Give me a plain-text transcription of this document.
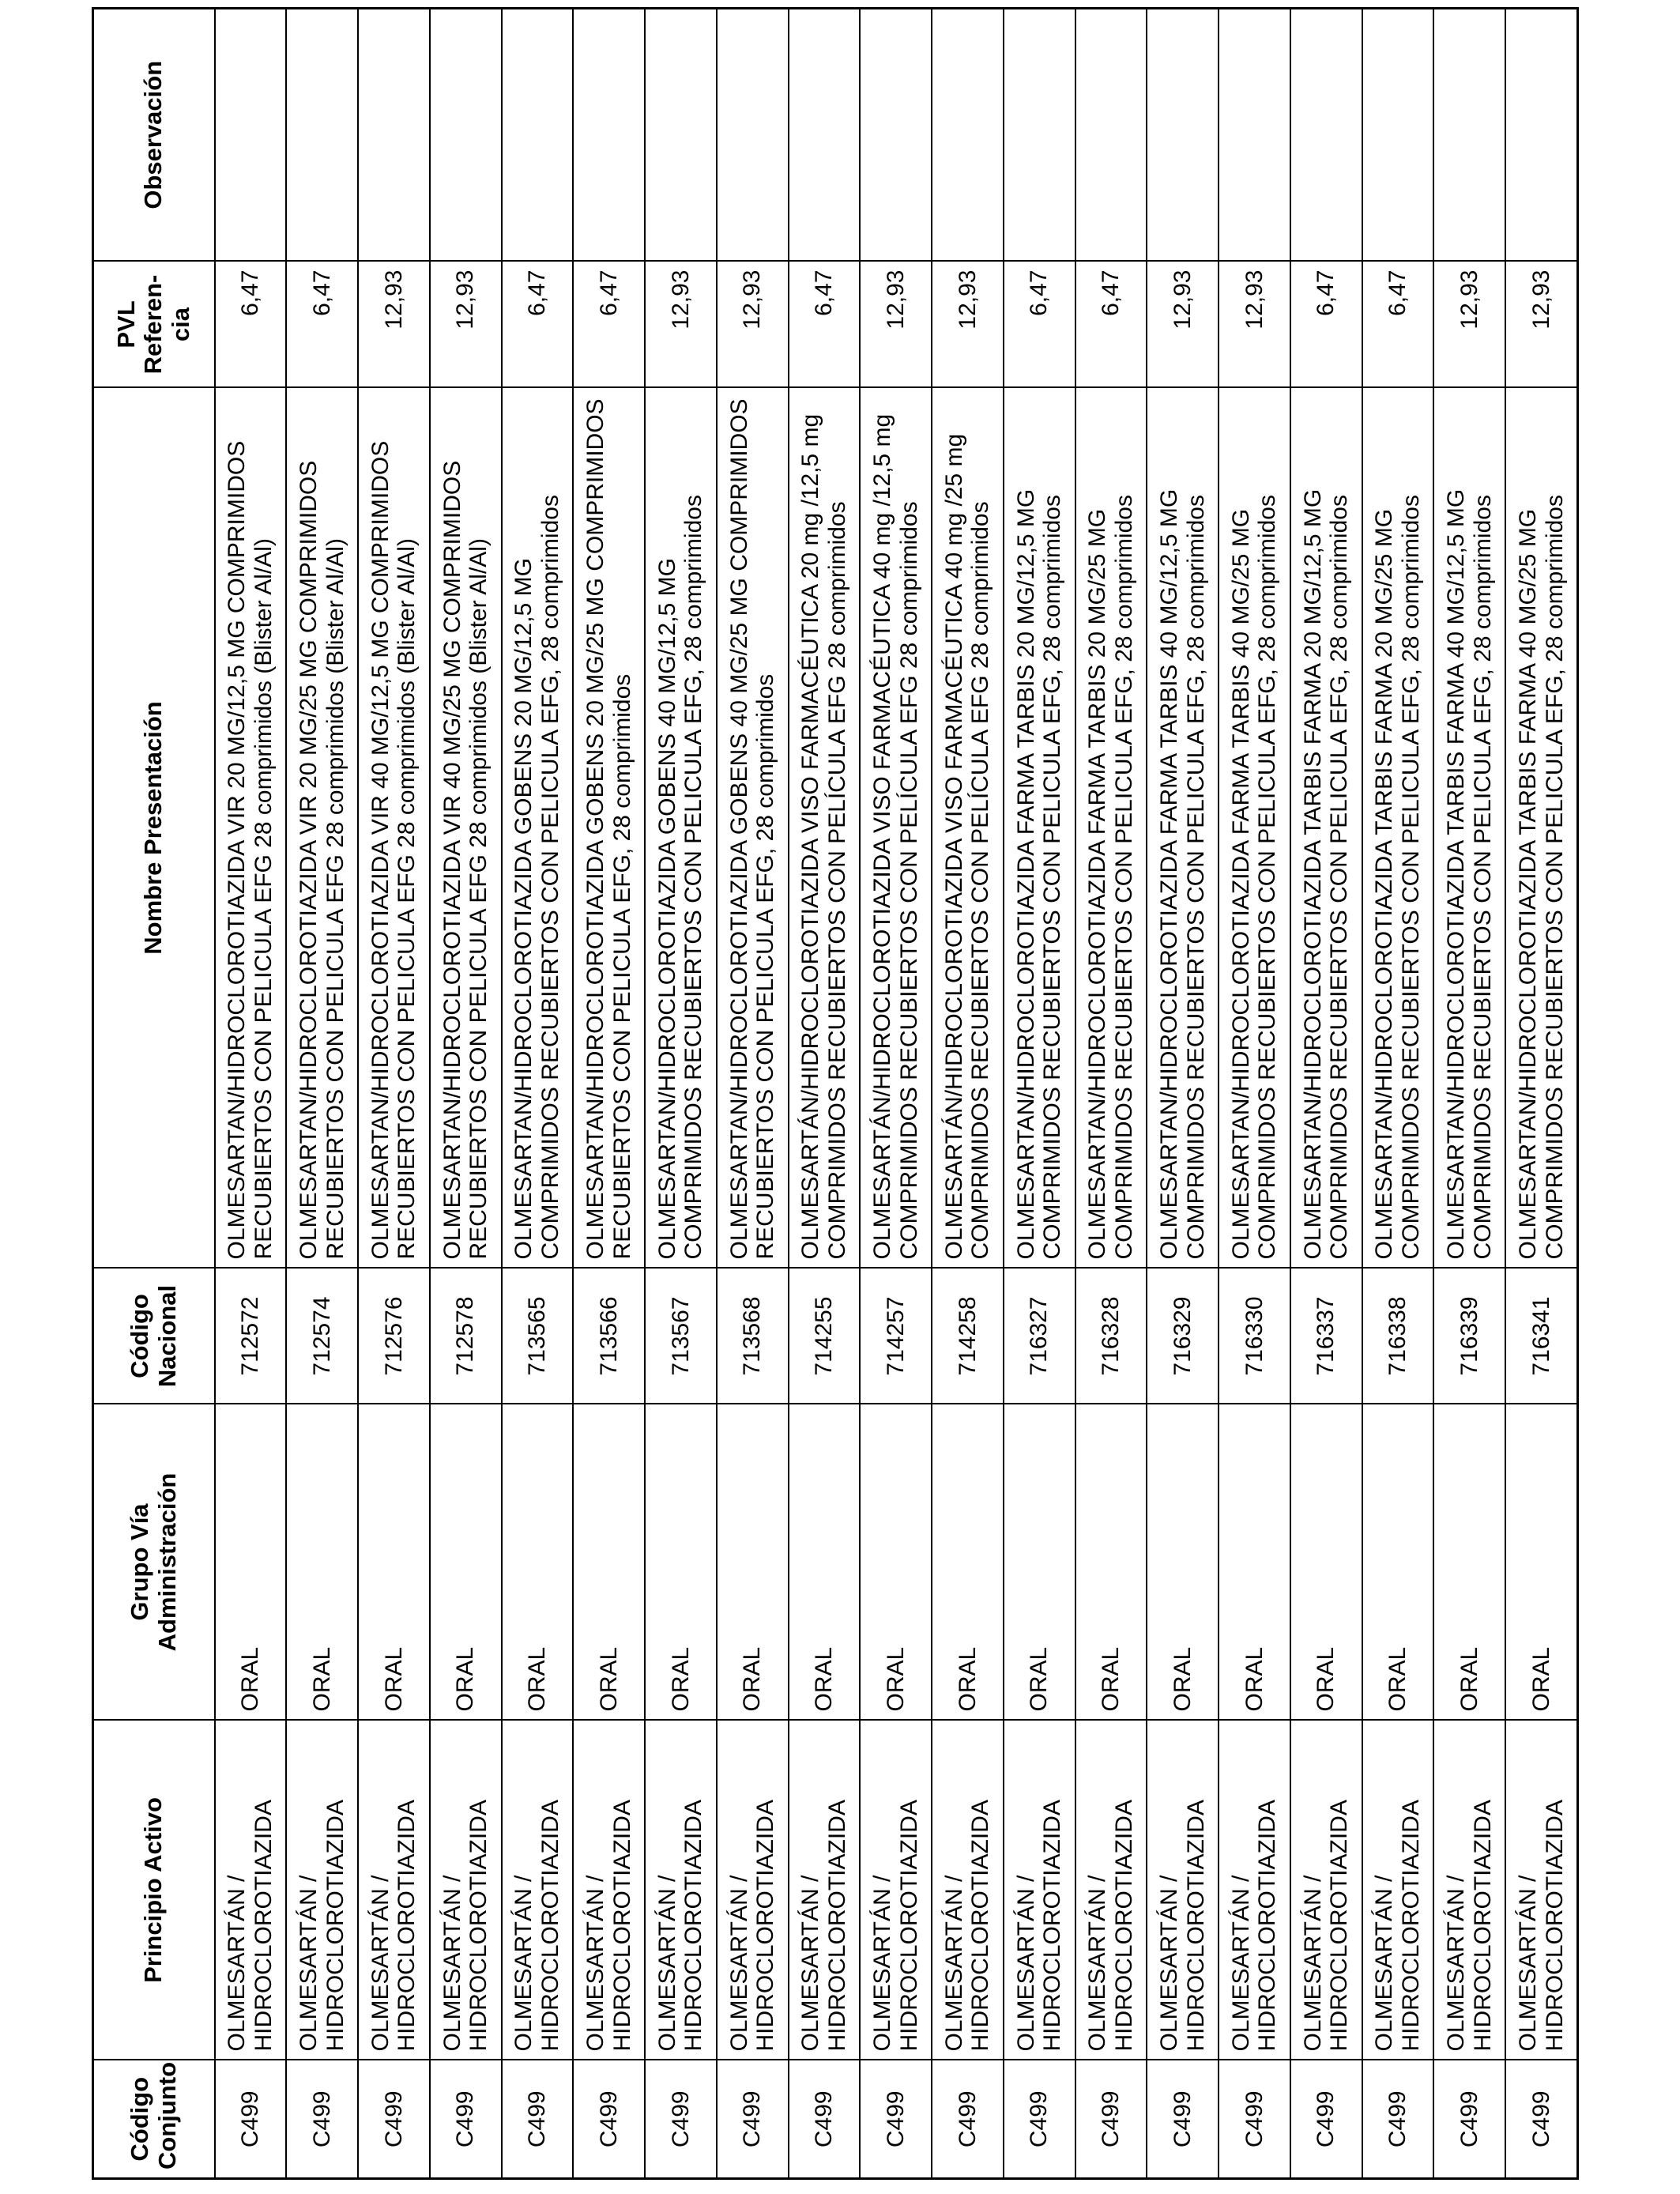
Código Conjunto	Principio Activo	Grupo Vía Administración	Código Nacional	Nombre Presentación	PVL Referen- cia	Observación
C499	OLMESARTÁN / HIDROCLOROTIAZIDA	ORAL	712572	OLMESARTAN/HIDROCLOROTIAZIDA VIR 20 MG/12,5 MG COMPRIMIDOS RECUBIERTOS CON PELICULA EFG 28 comprimidos (Blister Al/Al)	6,47	
C499	OLMESARTÁN / HIDROCLOROTIAZIDA	ORAL	712574	OLMESARTAN/HIDROCLOROTIAZIDA VIR 20 MG/25 MG COMPRIMIDOS RECUBIERTOS CON PELICULA EFG 28 comprimidos (Blister Al/Al)	6,47	
C499	OLMESARTÁN / HIDROCLOROTIAZIDA	ORAL	712576	OLMESARTAN/HIDROCLOROTIAZIDA VIR 40 MG/12,5 MG COMPRIMIDOS RECUBIERTOS CON PELICULA EFG 28 comprimidos (Blister Al/Al)	12,93	
C499	OLMESARTÁN / HIDROCLOROTIAZIDA	ORAL	712578	OLMESARTAN/HIDROCLOROTIAZIDA VIR 40 MG/25 MG COMPRIMIDOS RECUBIERTOS CON PELICULA EFG 28 comprimidos (Blister Al/Al)	12,93	
C499	OLMESARTÁN / HIDROCLOROTIAZIDA	ORAL	713565	OLMESARTAN/HIDROCLOROTIAZIDA GOBENS 20 MG/12,5 MG COMPRIMIDOS RECUBIERTOS CON PELICULA EFG, 28 comprimidos	6,47	
C499	OLMESARTÁN / HIDROCLOROTIAZIDA	ORAL	713566	OLMESARTAN/HIDROCLOROTIAZIDA GOBENS 20 MG/25 MG COMPRIMIDOS RECUBIERTOS CON PELICULA EFG, 28 comprimidos	6,47	
C499	OLMESARTÁN / HIDROCLOROTIAZIDA	ORAL	713567	OLMESARTAN/HIDROCLOROTIAZIDA GOBENS 40 MG/12,5 MG COMPRIMIDOS RECUBIERTOS CON PELICULA EFG, 28 comprimidos	12,93	
C499	OLMESARTÁN / HIDROCLOROTIAZIDA	ORAL	713568	OLMESARTAN/HIDROCLOROTIAZIDA GOBENS 40 MG/25 MG COMPRIMIDOS RECUBIERTOS CON PELICULA EFG, 28 comprimidos	12,93	
C499	OLMESARTÁN / HIDROCLOROTIAZIDA	ORAL	714255	OLMESARTÁN/HIDROCLOROTIAZIDA VISO FARMACÉUTICA 20 mg /12,5 mg COMPRIMIDOS RECUBIERTOS CON PELÍCULA EFG 28 comprimidos	6,47	
C499	OLMESARTÁN / HIDROCLOROTIAZIDA	ORAL	714257	OLMESARTÁN/HIDROCLOROTIAZIDA VISO FARMACÉUTICA 40 mg /12,5 mg COMPRIMIDOS RECUBIERTOS CON PELÍCULA EFG 28 comprimidos	12,93	
C499	OLMESARTÁN / HIDROCLOROTIAZIDA	ORAL	714258	OLMESARTÁN/HIDROCLOROTIAZIDA VISO FARMACÉUTICA 40 mg /25 mg COMPRIMIDOS RECUBIERTOS CON PELÍCULA EFG 28 comprimidos	12,93	
C499	OLMESARTÁN / HIDROCLOROTIAZIDA	ORAL	716327	OLMESARTAN/HIDROCLOROTIAZIDA FARMA TARBIS 20 MG/12,5 MG COMPRIMIDOS RECUBIERTOS CON PELICULA EFG, 28 comprimidos	6,47	
C499	OLMESARTÁN / HIDROCLOROTIAZIDA	ORAL	716328	OLMESARTAN/HIDROCLOROTIAZIDA FARMA TARBIS 20 MG/25 MG COMPRIMIDOS RECUBIERTOS CON PELICULA EFG, 28 comprimidos	6,47	
C499	OLMESARTÁN / HIDROCLOROTIAZIDA	ORAL	716329	OLMESARTAN/HIDROCLOROTIAZIDA FARMA TARBIS 40 MG/12,5 MG COMPRIMIDOS RECUBIERTOS CON PELICULA EFG, 28 comprimidos	12,93	
C499	OLMESARTÁN / HIDROCLOROTIAZIDA	ORAL	716330	OLMESARTAN/HIDROCLOROTIAZIDA FARMA TARBIS 40 MG/25 MG COMPRIMIDOS RECUBIERTOS CON PELICULA EFG, 28 comprimidos	12,93	
C499	OLMESARTÁN / HIDROCLOROTIAZIDA	ORAL	716337	OLMESARTAN/HIDROCLOROTIAZIDA TARBIS FARMA 20 MG/12,5 MG COMPRIMIDOS RECUBIERTOS CON PELICULA EFG, 28 comprimidos	6,47	
C499	OLMESARTÁN / HIDROCLOROTIAZIDA	ORAL	716338	OLMESARTAN/HIDROCLOROTIAZIDA TARBIS FARMA 20 MG/25 MG COMPRIMIDOS RECUBIERTOS CON PELICULA EFG, 28 comprimidos	6,47	
C499	OLMESARTÁN / HIDROCLOROTIAZIDA	ORAL	716339	OLMESARTAN/HIDROCLOROTIAZIDA TARBIS FARMA 40 MG/12,5 MG COMPRIMIDOS RECUBIERTOS CON PELICULA EFG, 28 comprimidos	12,93	
C499	OLMESARTÁN / HIDROCLOROTIAZIDA	ORAL	716341	OLMESARTAN/HIDROCLOROTIAZIDA TARBIS FARMA 40 MG/25 MG COMPRIMIDOS RECUBIERTOS CON PELICULA EFG, 28 comprimidos	12,93	
